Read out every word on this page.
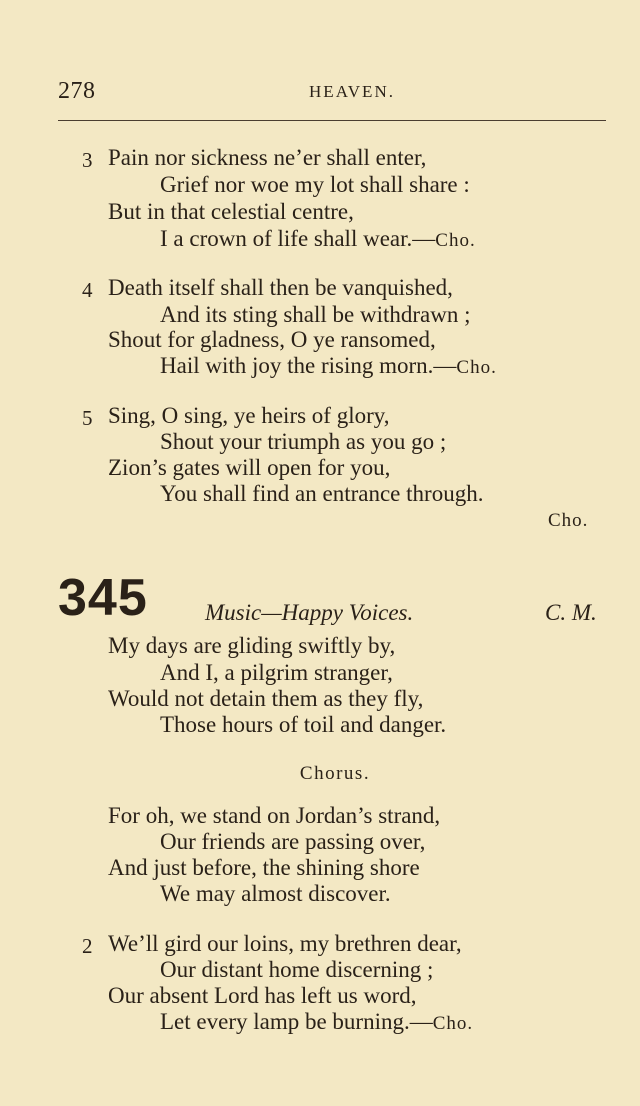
278	HEAVEN.
3 Pain nor sickness ne’er shall enter,
Grief nor woe my lot shall share :
But in that celestial centre,
I a crown of life shall wear.—Cho.
4 Death itself shall then be vanquished,
And its sting shall be withdrawn ;
Shout for gladness, O ye ransomed,
Hail with joy the rising morn.—Cho.
5 Sing, O sing, ye heirs of glory,
Shout your triumph as you go ;
Zion’s gates will open for you,
You shall find an entrance through.
Cho.
345 Music—Happy Voices.	C. M.
My days are gliding swiftly by,
And I, a pilgrim stranger,
Would not detain them as they fly,
Those hours of toil and danger.
Chorus.
For oh, we stand on Jordan’s strand,
Our friends are passing over,
And just before, the shining shore
We may almost discover.
2 We’ll gird our loins, my brethren dear,
Our distant home discerning ;
Our absent Lord has left us word,
Let every lamp be burning.—Cho.
